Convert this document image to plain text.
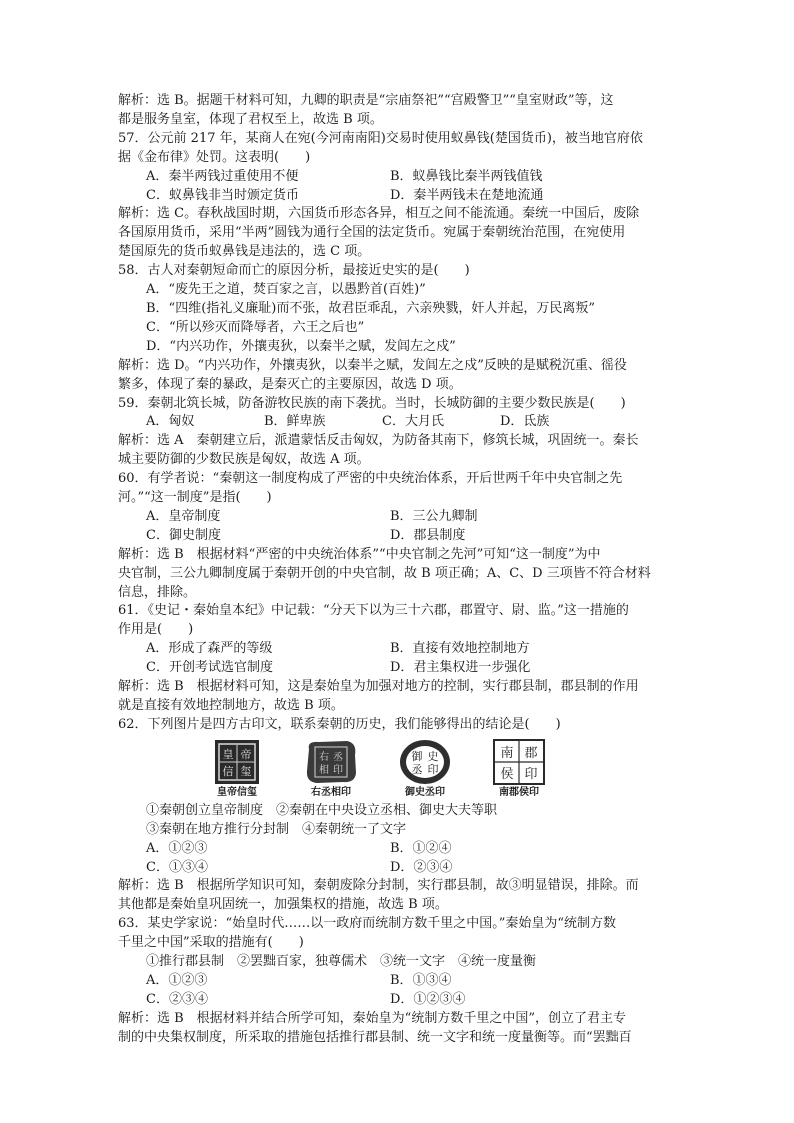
解析：选 B。据题干材料可知，九卿的职责是“宗庙祭祀”“宫殿警卫”“皇室财政”等，这
都是服务皇室，体现了君权至上，故选 B 项。
57．公元前 217 年，某商人在宛(今河南南阳)交易时使用蚁鼻钱(楚国货币)，被当地官府依
据《金布律》处罚。这表明(　　)
A．秦半两钱过重使用不便	B．蚁鼻钱比秦半两钱值钱
C．蚁鼻钱非当时颁定货币	D．秦半两钱未在楚地流通
解析：选 C。春秋战国时期，六国货币形态各异，相互之间不能流通。秦统一中国后，废除
各国原用货币，采用“半两”圆钱为通行全国的法定货币。宛属于秦朝统治范围，在宛使用
楚国原先的货币蚁鼻钱是违法的，选 C 项。
58．古人对秦朝短命而亡的原因分析，最接近史实的是(　　)
A．“废先王之道，焚百家之言，以愚黔首(百姓)”
B．“四维(指礼义廉耻)而不张，故君臣乖乱，六亲殃戮，奸人并起，万民离叛”
C．“所以殄灭而降辱者，六王之后也”
D．“内兴功作，外攘夷狄，以秦半之赋，发闾左之戍”
解析：选 D。“内兴功作，外攘夷狄，以秦半之赋，发闾左之戍”反映的是赋税沉重、徭役
繁多，体现了秦的暴政，是秦灭亡的主要原因，故选 D 项。
59．秦朝北筑长城，防备游牧民族的南下袭扰。当时，长城防御的主要少数民族是(　　)
A．匈奴	B．鲜卑族	C．大月氏	D．氐族
解析：选 A　秦朝建立后，派遣蒙恬反击匈奴，为防备其南下，修筑长城，巩固统一。秦长
城主要防御的少数民族是匈奴，故选 A 项。
60．有学者说：“秦朝这一制度构成了严密的中央统治体系，开后世两千年中央官制之先
河。”“这一制度”是指(　　)
A．皇帝制度	B．三公九卿制
C．御史制度	D．郡县制度
解析：选 B　根据材料“严密的中央统治体系”“中央官制之先河”可知“这一制度”为中
央官制，三公九卿制度属于秦朝开创的中央官制，故 B 项正确；A、C、D 三项皆不符合材料
信息，排除。
61．《史记・秦始皇本纪》中记载：“分天下以为三十六郡，郡置守、尉、监。”这一措施的
作用是(　　)
A．形成了森严的等级	B．直接有效地控制地方
C．开创考试选官制度	D．君主集权进一步强化
解析：选 B　根据材料可知，这是秦始皇为加强对地方的控制，实行郡县制，郡县制的作用
就是直接有效地控制地方，故选 B 项。
62．下列图片是四方古印文，联系秦朝的历史，我们能够得出的结论是(　　)
皇 帝
信 玺
皇帝信玺
右 丞
相 印
右丞相印
御 史
丞 印
御史丞印
南 郡
侯 印
南郡侯印
①秦朝创立皇帝制度　②秦朝在中央设立丞相、御史大夫等职
③秦朝在地方推行分封制　④秦朝统一了文字
A．①②③	B．①②④
C．①③④	D．②③④
解析：选 B　根据所学知识可知，秦朝废除分封制，实行郡县制，故③明显错误，排除。而
其他都是秦始皇巩固统一，加强集权的措施，故选 B 项。
63．某史学家说：“始皇时代……以一政府而统制方数千里之中国。”秦始皇为“统制方数
千里之中国”采取的措施有(　　)
①推行郡县制　②罢黜百家，独尊儒术　③统一文字　④统一度量衡
A．①②③	B．①③④
C．②③④	D．①②③④
解析：选 B　根据材料并结合所学可知，秦始皇为“统制方数千里之中国”，创立了君主专
制的中央集权制度，所采取的措施包括推行郡县制、统一文字和统一度量衡等。而“罢黜百
